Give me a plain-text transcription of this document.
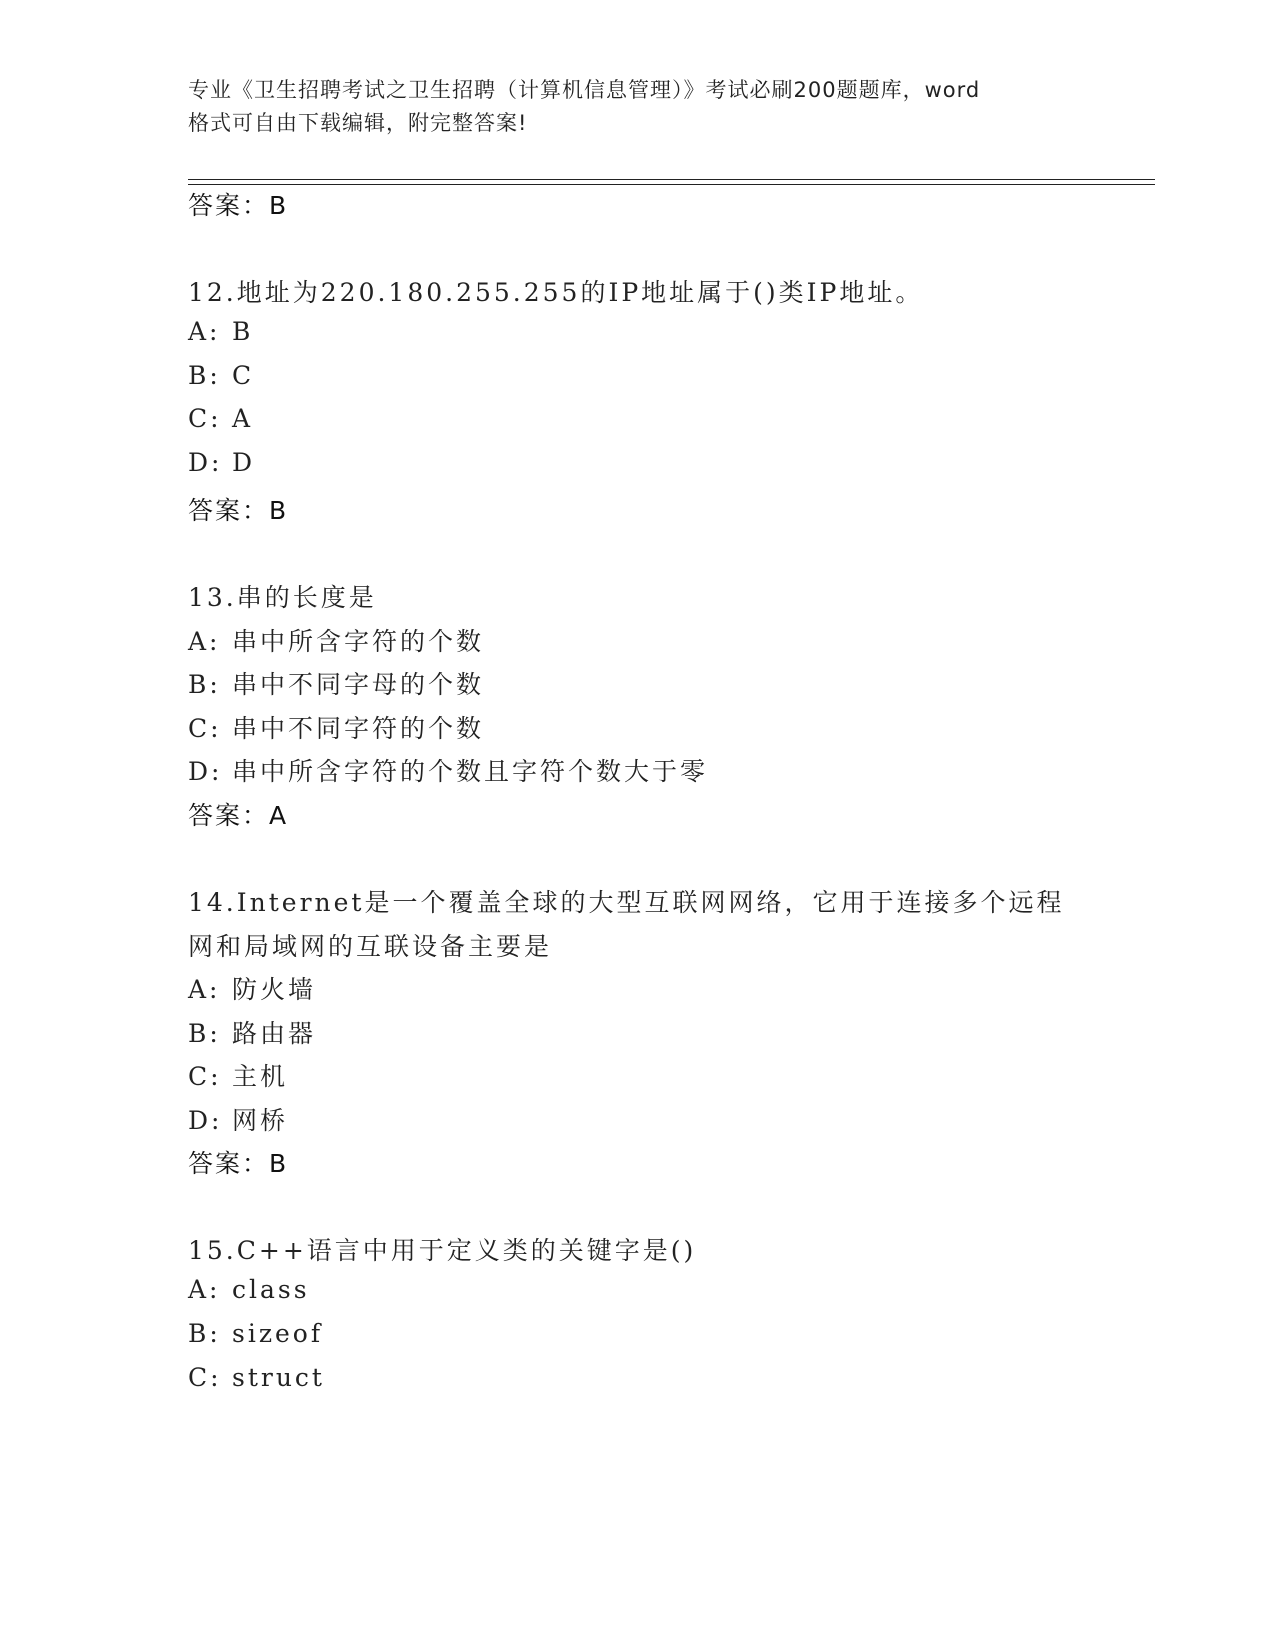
专业《卫生招聘考试之卫生招聘（计算机信息管理）》考试必刷200题题库，word
格式可自由下载编辑，附完整答案!
答案：B
12.地址为220.180.255.255的IP地址属于()类IP地址。
A: B
B: C
C: A
D: D
答案：B
13.串的长度是
A: 串中所含字符的个数
B: 串中不同字母的个数
C: 串中不同字符的个数
D: 串中所含字符的个数且字符个数大于零
答案：A
14.Internet是一个覆盖全球的大型互联网网络，它用于连接多个远程
网和局域网的互联设备主要是
A: 防火墙
B: 路由器
C: 主机
D: 网桥
答案：B
15.C++语言中用于定义类的关键字是()
A: class
B: sizeof
C: struct
